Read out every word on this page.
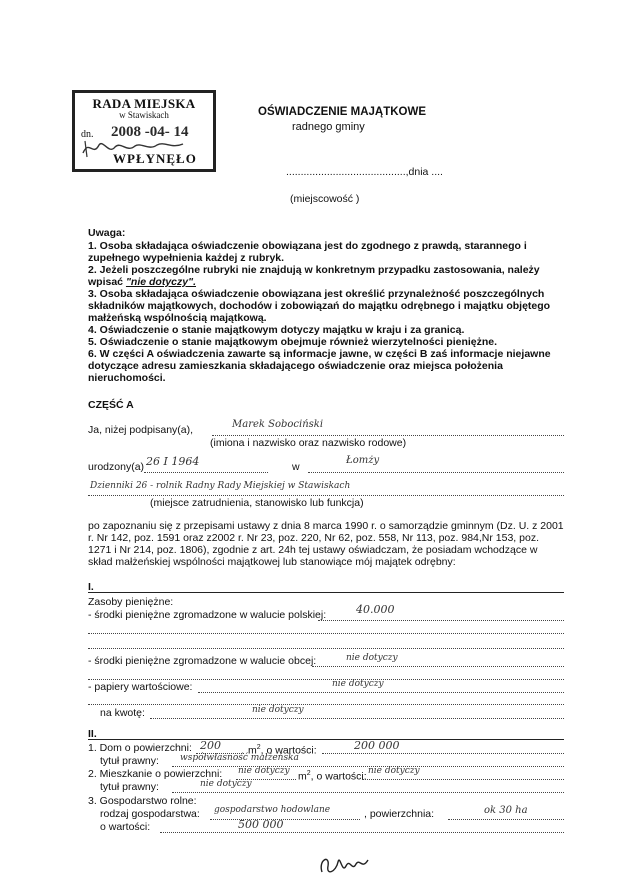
RADA MIEJSKA
w Stawiskach
dn. 2008 -04- 14
WPŁYNĘŁO
OŚWIADCZENIE MAJĄTKOWE
radnego gminy
.........................................,dnia ....
(miejscowość )
Uwaga:
1. Osoba składająca oświadczenie obowiązana jest do zgodnego z prawdą, starannego i
zupełnego wypełnienia każdej z rubryk.
2. Jeżeli poszczególne rubryki nie znajdują w konkretnym przypadku zastosowania, należy
wpisać "nie dotyczy".
3. Osoba składająca oświadczenie obowiązana jest określić przynależność poszczególnych
składników majątkowych, dochodów i zobowiązań do majątku odrębnego i majątku objętego
małżeńską wspólnością majątkową.
4. Oświadczenie o stanie majątkowym dotyczy majątku w kraju i za granicą.
5. Oświadczenie o stanie majątkowym obejmuje również wierzytelności pieniężne.
6. W części A oświadczenia zawarte są informacje jawne, w części B zaś informacje niejawne
dotyczące adresu zamieszkania składającego oświadczenie oraz miejsca położenia
nieruchomości.
CZĘŚĆ A
Ja, niżej podpisany(a),	Marek Sobociński
(imiona i nazwisko oraz nazwisko rodowe)
urodzony(a) 26 I 1964	w
Łomży
Dzienniki 26 - rolnik Radny Rady Miejskiej w Stawiskach
(miejsce zatrudnienia, stanowisko lub funkcja)
po zapoznaniu się z przepisami ustawy z dnia 8 marca 1990 r. o samorządzie gminnym (Dz. U. z 2001
r. Nr 142, poz. 1591 oraz z2002 r. Nr 23, poz. 220, Nr 62, poz. 558, Nr 113, poz. 984,Nr 153, poz.
1271 i Nr 214, poz. 1806), zgodnie z art. 24h tej ustawy oświadczam, że posiadam wchodzące w
skład małżeńskiej wspólności majątkowej lub stanowiące mój majątek odrębny:
I.
Zasoby pieniężne:
- środki pieniężne zgromadzone w walucie polskiej:	40.000
- środki pieniężne zgromadzone w walucie obcej:	nie dotyczy
- papiery wartościowe:	nie dotyczy
na kwotę:	nie dotyczy
II.
1. Dom o powierzchni: 200	$m^2$, o wartości:	200 000
tytuł prawny: współwłasność małżeńska
2. Mieszkanie o powierzchni: nie dotyczy $m^2$, o wartości: nie dotyczy
tytuł prawny:	nie dotyczy
3. Gospodarstwo rolne:
rodzaj gospodarstwa: gospodarstwo hodowlane	, powierzchnia:	ok 30 ha
o wartości:	500 000
